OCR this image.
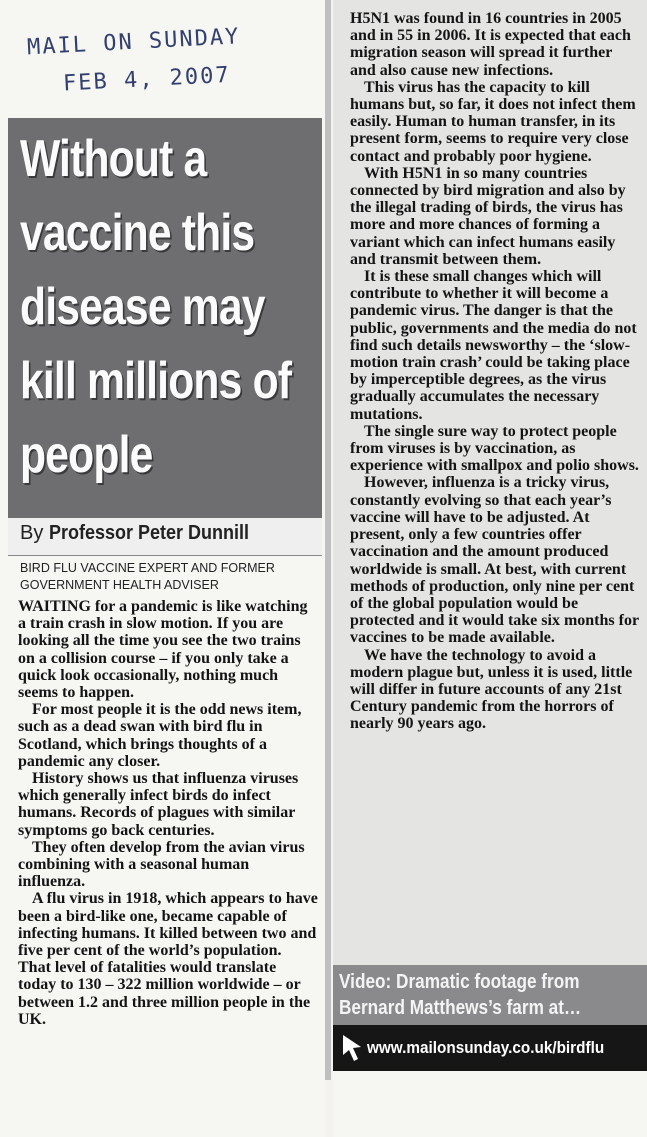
MAIL ON SUNDAY
FEB 4, 2007
Without a vaccine this disease may kill millions of people
By Professor Peter Dunnill
BIRD FLU VACCINE EXPERT AND FORMER GOVERNMENT HEALTH ADVISER

WAITING for a pandemic is like watching a train crash in slow motion. If you are looking all the time you see the two trains on a collision course – if you only take a quick look occasionally, nothing much seems to happen.

For most people it is the odd news item, such as a dead swan with bird flu in Scotland, which brings thoughts of a pandemic any closer.

History shows us that influenza viruses which generally infect birds do infect humans. Records of plagues with similar symptoms go back centuries.

They often develop from the avian virus combining with a seasonal human influenza.

A flu virus in 1918, which appears to have been a bird-like one, became capable of infecting humans. It killed between two and five per cent of the world’s population. That level of fatalities would translate today to 130 – 322 million worldwide – or between 1.2 and three million people in the UK.

H5N1 was found in 16 countries in 2005 and in 55 in 2006. It is expected that each migration season will spread it further and also cause new infections.

This virus has the capacity to kill humans but, so far, it does not infect them easily. Human to human transfer, in its present form, seems to require very close contact and probably poor hygiene.

With H5N1 in so many countries connected by bird migration and also by the illegal trading of birds, the virus has more and more chances of forming a variant which can infect humans easily and transmit between them.

It is these small changes which will contribute to whether it will become a pandemic virus. The danger is that the public, governments and the media do not find such details newsworthy – the ‘slow-motion train crash’ could be taking place by imperceptible degrees, as the virus gradually accumulates the necessary mutations.

The single sure way to protect people from viruses is by vaccination, as experience with smallpox and polio shows.

However, influenza is a tricky virus, constantly evolving so that each year’s vaccine will have to be adjusted. At present, only a few countries offer vaccination and the amount produced worldwide is small. At best, with current methods of production, only nine per cent of the global population would be protected and it would take six months for vaccines to be made available.

We have the technology to avoid a modern plague but, unless it is used, little will differ in future accounts of any 21st Century pandemic from the horrors of nearly 90 years ago.

Video: Dramatic footage from
Bernard Matthews’s farm at…
www.mailonsunday.co.uk/birdflu
